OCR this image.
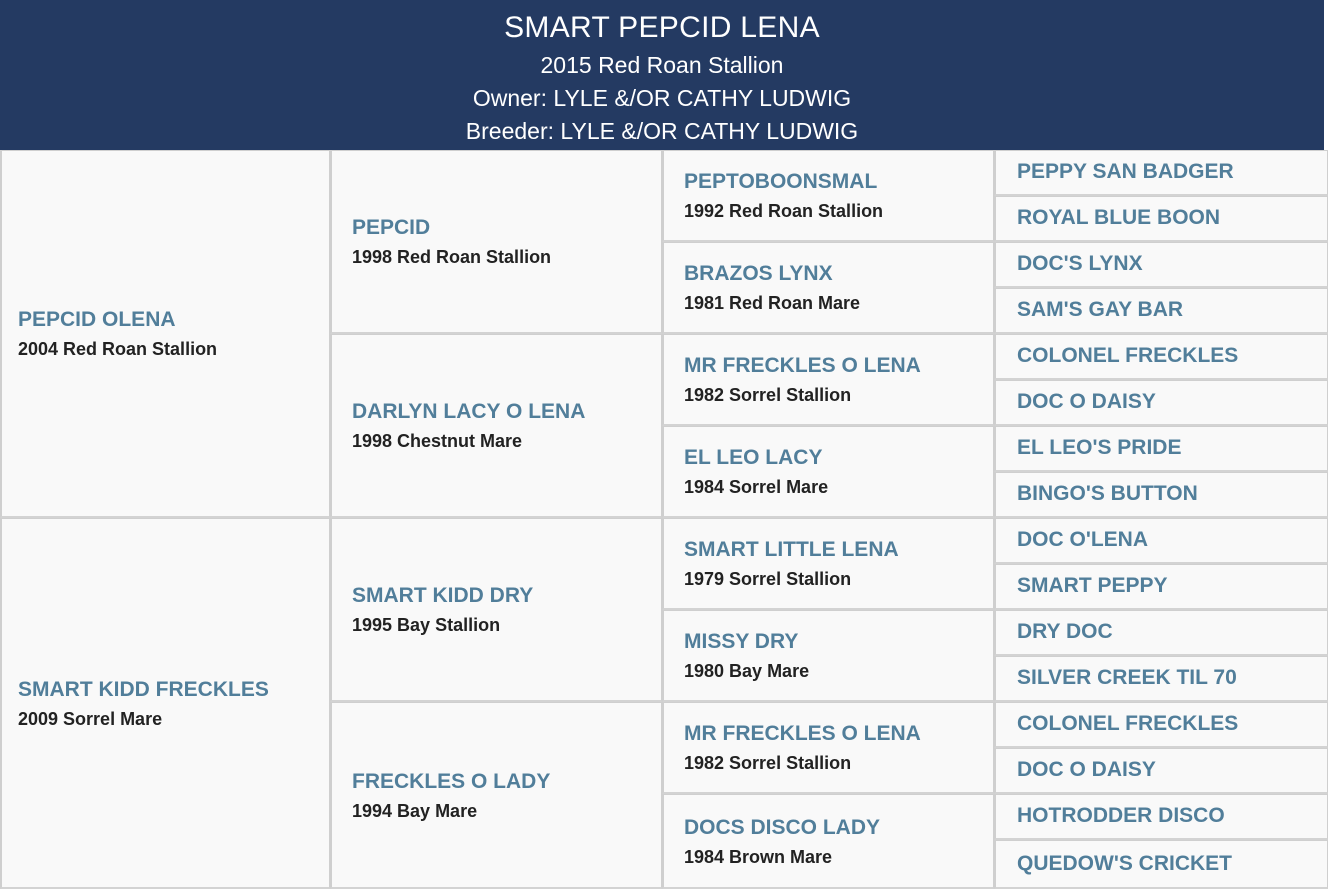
SMART PEPCID LENA
2015 Red Roan Stallion
Owner: LYLE &/OR CATHY LUDWIG
Breeder: LYLE &/OR CATHY LUDWIG
PEPCID OLENA
2004 Red Roan Stallion
SMART KIDD FRECKLES
2009 Sorrel Mare
PEPCID
1998 Red Roan Stallion
DARLYN LACY O LENA
1998 Chestnut Mare
SMART KIDD DRY
1995 Bay Stallion
FRECKLES O LADY
1994 Bay Mare
PEPTOBOONSMAL
1992 Red Roan Stallion
BRAZOS LYNX
1981 Red Roan Mare
MR FRECKLES O LENA
1982 Sorrel Stallion
EL LEO LACY
1984 Sorrel Mare
SMART LITTLE LENA
1979 Sorrel Stallion
MISSY DRY
1980 Bay Mare
MR FRECKLES O LENA
1982 Sorrel Stallion
DOCS DISCO LADY
1984 Brown Mare
PEPPY SAN BADGER
ROYAL BLUE BOON
DOC'S LYNX
SAM'S GAY BAR
COLONEL FRECKLES
DOC O DAISY
EL LEO'S PRIDE
BINGO'S BUTTON
DOC O'LENA
SMART PEPPY
DRY DOC
SILVER CREEK TIL 70
COLONEL FRECKLES
DOC O DAISY
HOTRODDER DISCO
QUEDOW'S CRICKET
